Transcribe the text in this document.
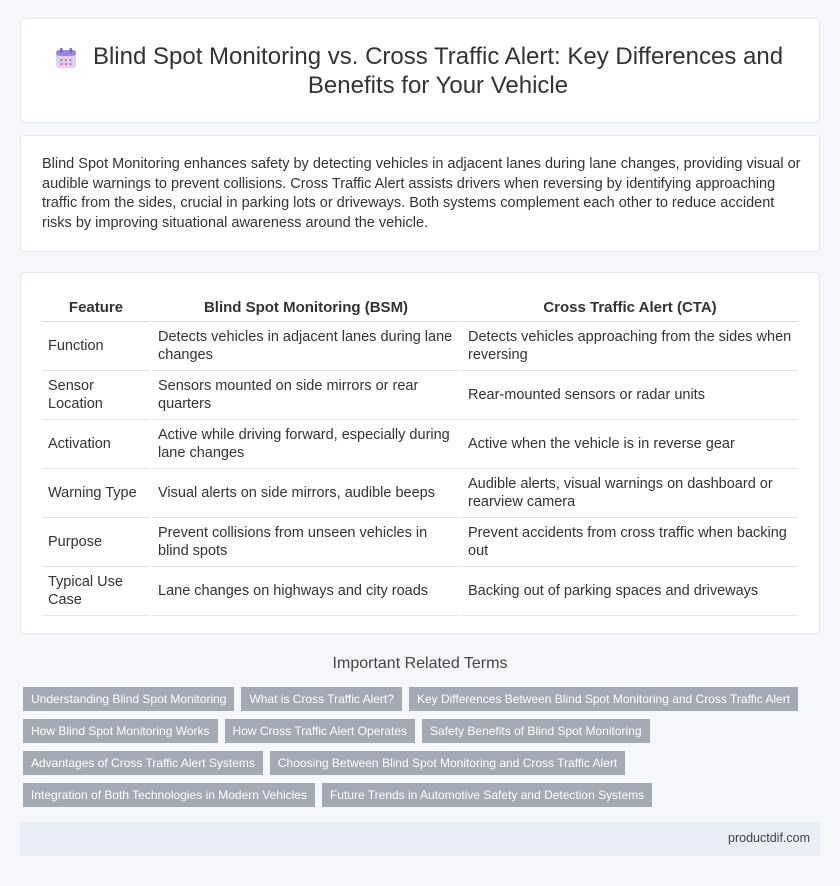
Blind Spot Monitoring vs. Cross Traffic Alert: Key Differences and Benefits for Your Vehicle

Blind Spot Monitoring enhances safety by detecting vehicles in adjacent lanes during lane changes, providing visual or audible warnings to prevent collisions. Cross Traffic Alert assists drivers when reversing by identifying approaching traffic from the sides, crucial in parking lots or driveways. Both systems complement each other to reduce accident risks by improving situational awareness around the vehicle.

Feature	Blind Spot Monitoring (BSM)	Cross Traffic Alert (CTA)
Function	Detects vehicles in adjacent lanes during lane changes	Detects vehicles approaching from the sides when reversing
Sensor Location	Sensors mounted on side mirrors or rear quarters	Rear-mounted sensors or radar units
Activation	Active while driving forward, especially during lane changes	Active when the vehicle is in reverse gear
Warning Type	Visual alerts on side mirrors, audible beeps	Audible alerts, visual warnings on dashboard or rearview camera
Purpose	Prevent collisions from unseen vehicles in blind spots	Prevent accidents from cross traffic when backing out
Typical Use Case	Lane changes on highways and city roads	Backing out of parking spaces and driveways
Important Related Terms
Understanding Blind Spot Monitoring	What is Cross Traffic Alert?	Key Differences Between Blind Spot Monitoring and Cross Traffic Alert
How Blind Spot Monitoring Works	How Cross Traffic Alert Operates	Safety Benefits of Blind Spot Monitoring
Advantages of Cross Traffic Alert Systems	Choosing Between Blind Spot Monitoring and Cross Traffic Alert
Integration of Both Technologies in Modern Vehicles	Future Trends in Automotive Safety and Detection Systems
productdif.com
